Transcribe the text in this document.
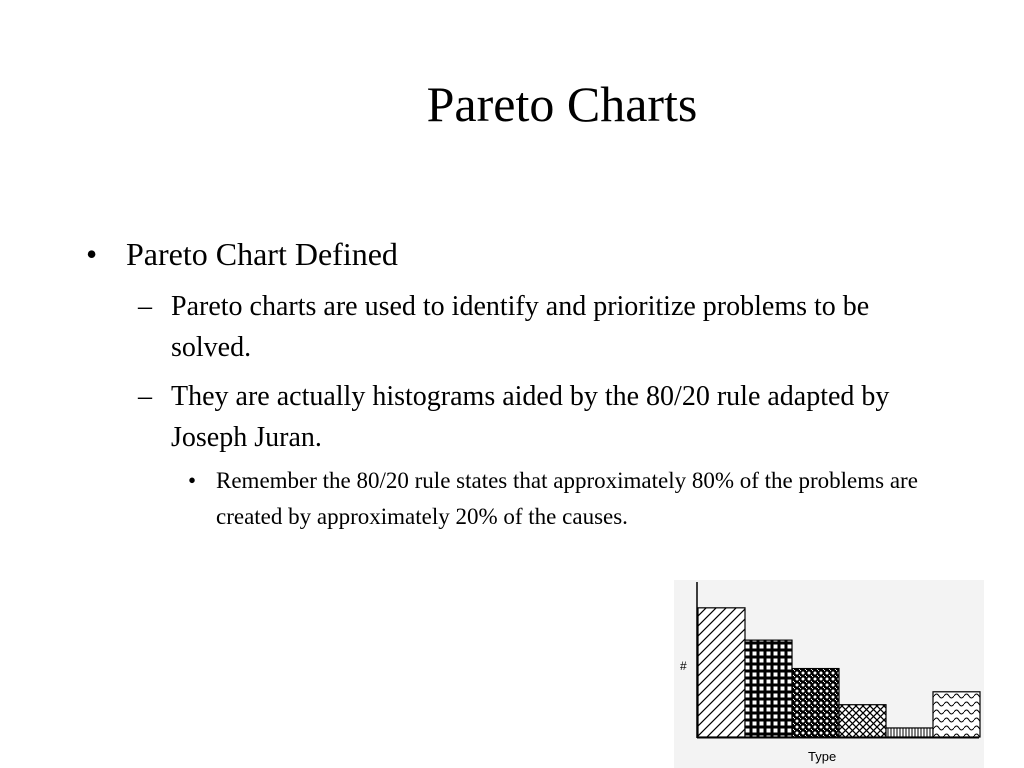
Pareto Charts
• Pareto Chart Defined
– Pareto charts are used to identify and prioritize problems to be solved.
– They are actually histograms aided by the 80/20 rule adapted by Joseph Juran.
• Remember the 80/20 rule states that approximately 80% of the problems are created by approximately 20% of the causes.
#
Type
